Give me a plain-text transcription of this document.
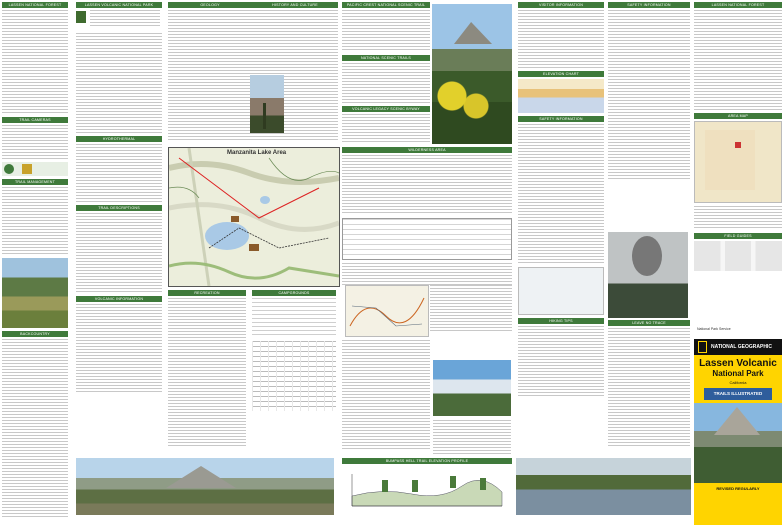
LASSEN NATIONAL FOREST
TRAIL CAMERAS

TRAIL MANAGEMENT
BACKCOUNTRY
LASSEN VOLCANIC NATIONAL PARK

HYDROTHERMAL
TRAIL DESCRIPTIONS
VOLCANIC INFORMATION
GEOLOGY
RECREATION
HISTORY AND CULTURE
Manzanita Lake Area
CAMPGROUNDS
PACIFIC CREST NATIONAL SCENIC TRAIL
NATIONAL SCENIC TRAILS
VOLCANIC LEGACY SCENIC BYWAY
WILDERNESS AREA
VISITOR INFORMATION
ELEVATION CHART
SAFETY INFORMATION
HIKING TIPS
SAFETY INFORMATION
LEAVE NO TRACE
LASSEN NATIONAL FOREST
AREA MAP
FIELD GUIDES
National Park Service
NATIONAL GEOGRAPHIC
Lassen Volcanic
National Park
California
TRAILS ILLUSTRATED
REVISED REGULARLY
BUMPASS HELL TRAIL ELEVATION PROFILE
